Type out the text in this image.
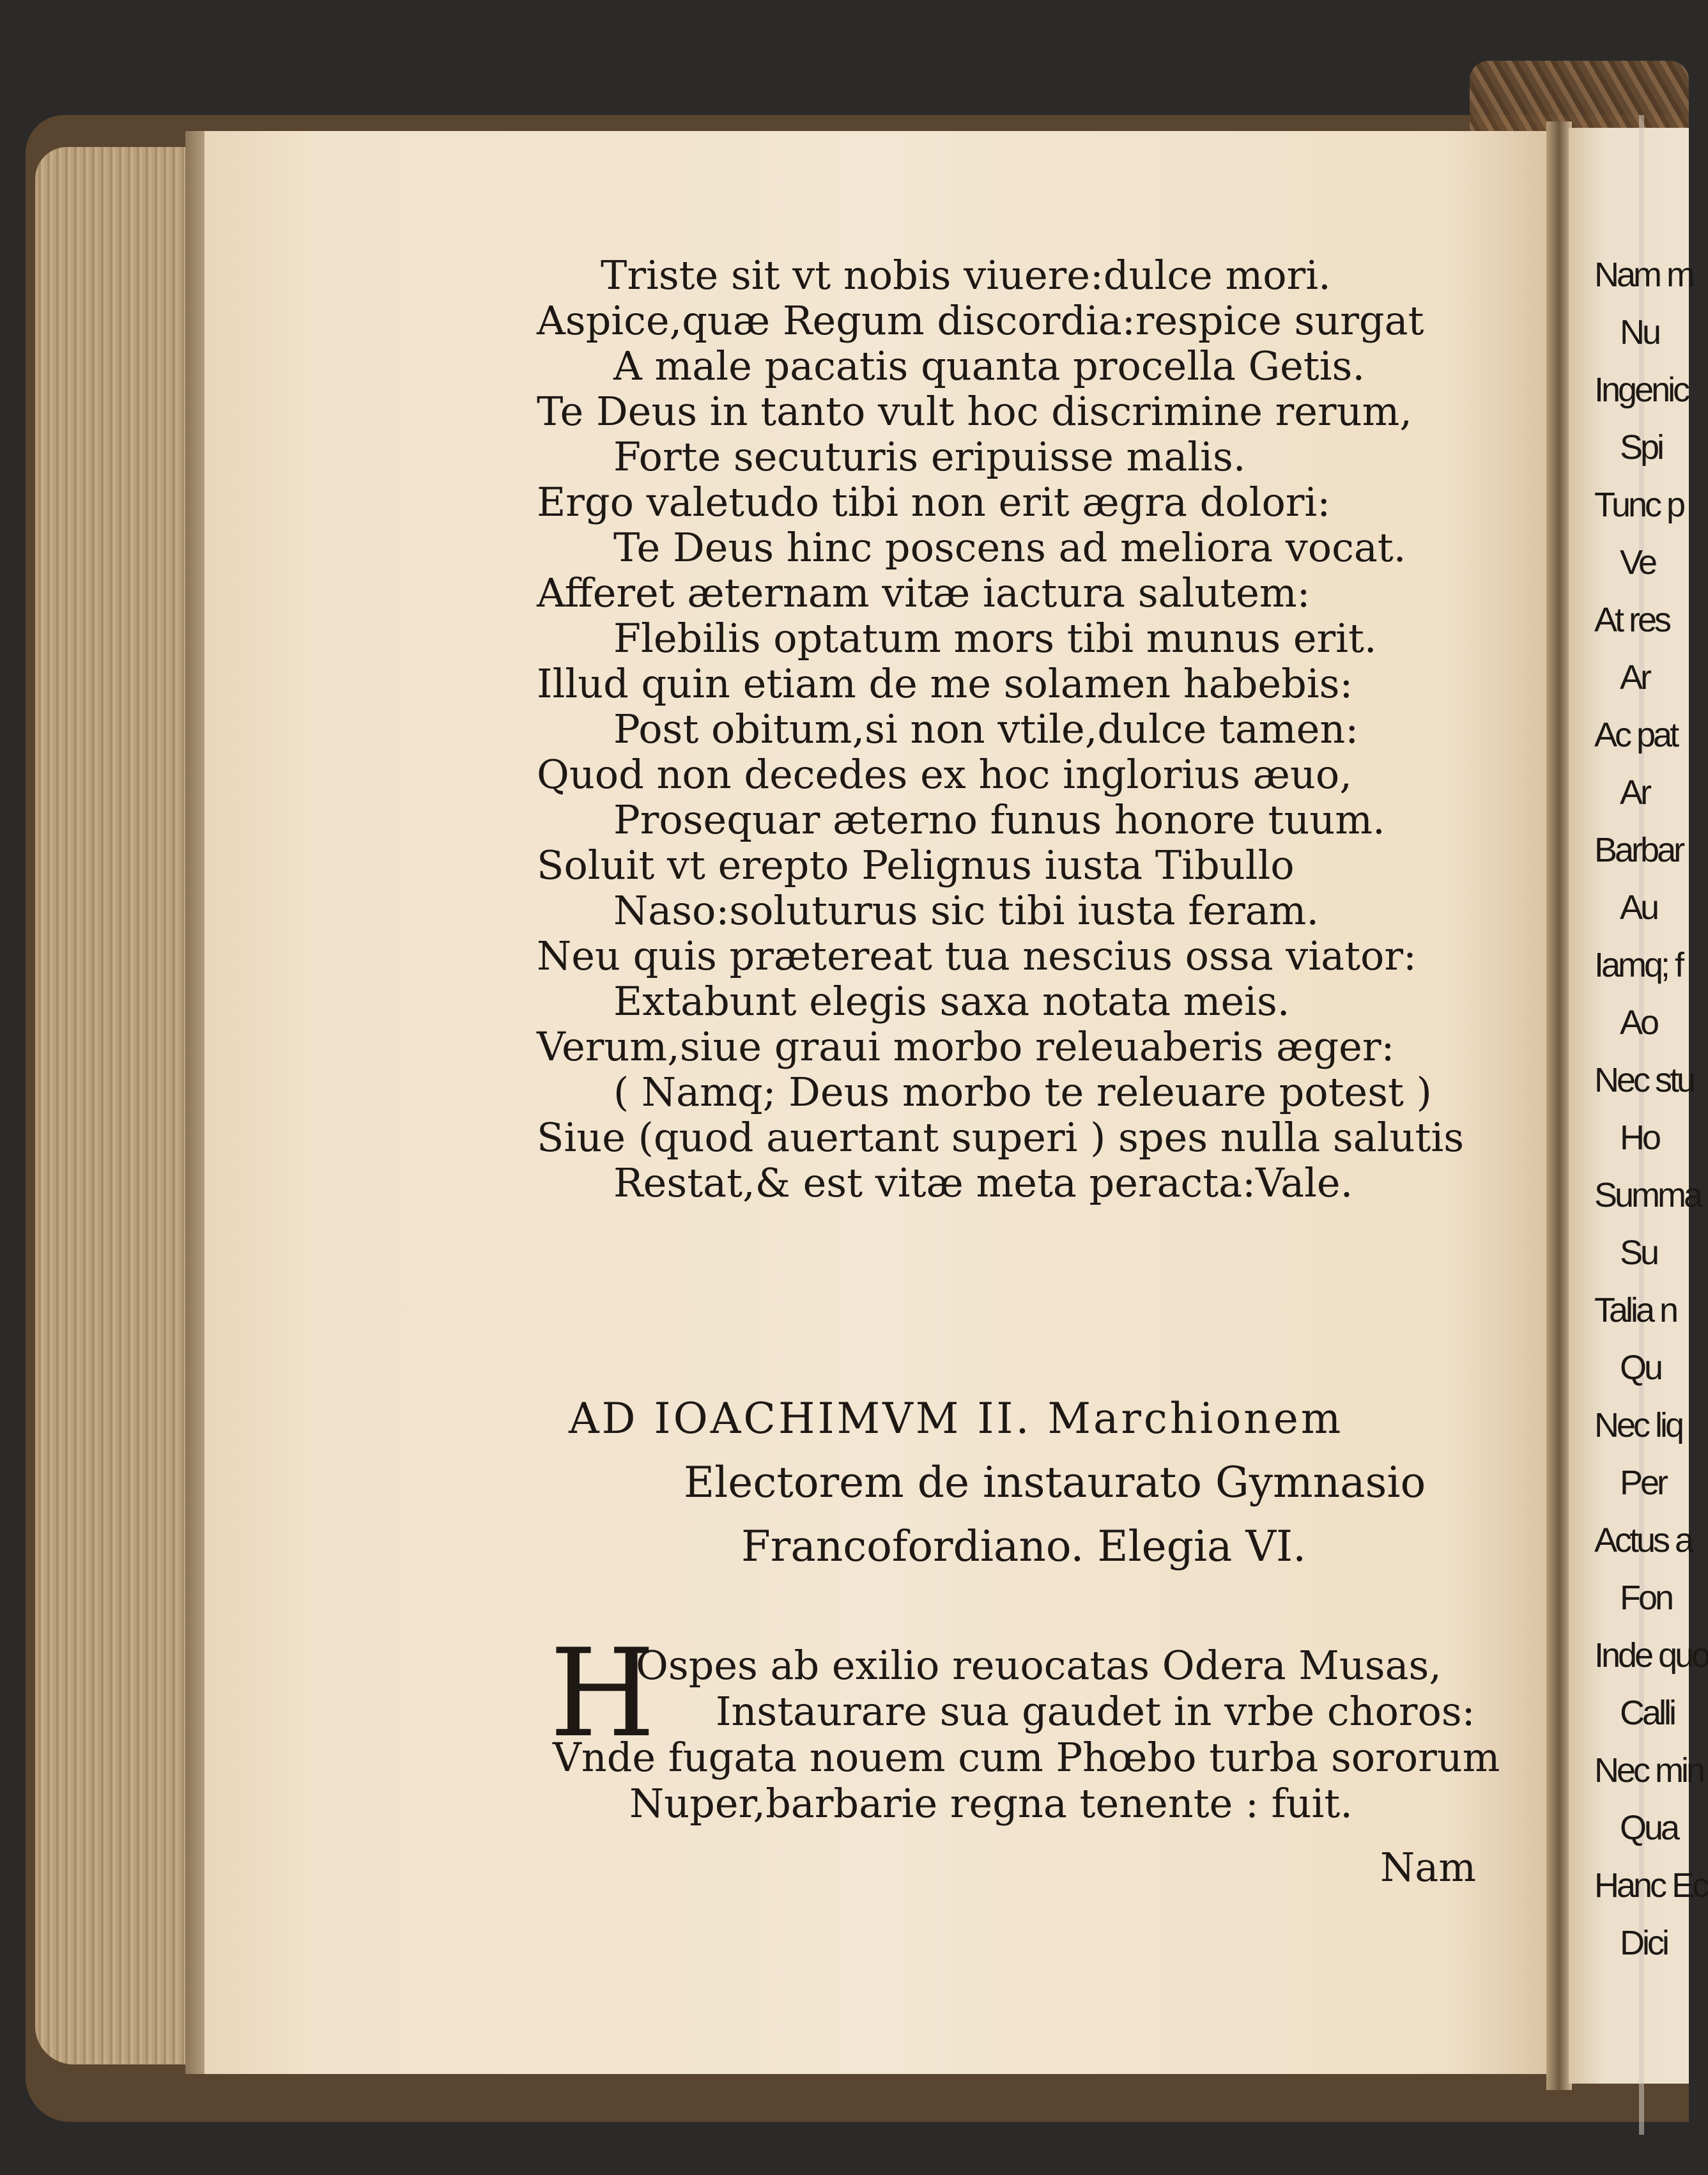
Triste sit vt nobis viuere:dulce mori.
Aspice,quæ Regum discordia:respice surgat
A male pacatis quanta procella Getis.
Te Deus in tanto vult hoc discrimine rerum,
Forte secuturis eripuisse malis.
Ergo valetudo tibi non erit ægra dolori:
Te Deus hinc poscens ad meliora vocat.
Afferet æternam vitæ iactura salutem:
Flebilis optatum mors tibi munus erit.
Illud quin etiam de me solamen habebis:
Post obitum,si non vtile,dulce tamen:
Quod non decedes ex hoc inglorius æuo,
Prosequar æterno funus honore tuum.
Soluit vt erepto Pelignus iusta Tibullo
Naso:soluturus sic tibi iusta feram.
Neu quis prætereat tua nescius ossa viator:
Extabunt elegis saxa notata meis.
Verum,siue graui morbo releuaberis æger:
( Namq; Deus morbo te releuare potest )
Siue (quod auertant superi ) spes nulla salutis
Restat,& est vitæ meta peracta:Vale.
AD IOACHIMVM II. Marchionem
Electorem de instaurato Gymnasio
Francofordiano. Elegia VI.
H
Ospes ab exilio reuocatas Odera Musas,
Instaurare sua gaudet in vrbe choros:
Vnde fugata nouem cum Phœbo turba sororum
Nuper,barbarie regna tenente : fuit.
Nam
Nam m
Nu
Ingenic
Spi
Tunc p
Ve
At res
Ar
Ac pat
Ar
Barbar
Au
Iamq; f
Ao
Nec stu
Ho
Summa
Su
Talia n
Qu
Nec liq
Per
Actus a
Fon
Inde quo
Calli
Nec min
Qua
Hanc Ec
Dici
